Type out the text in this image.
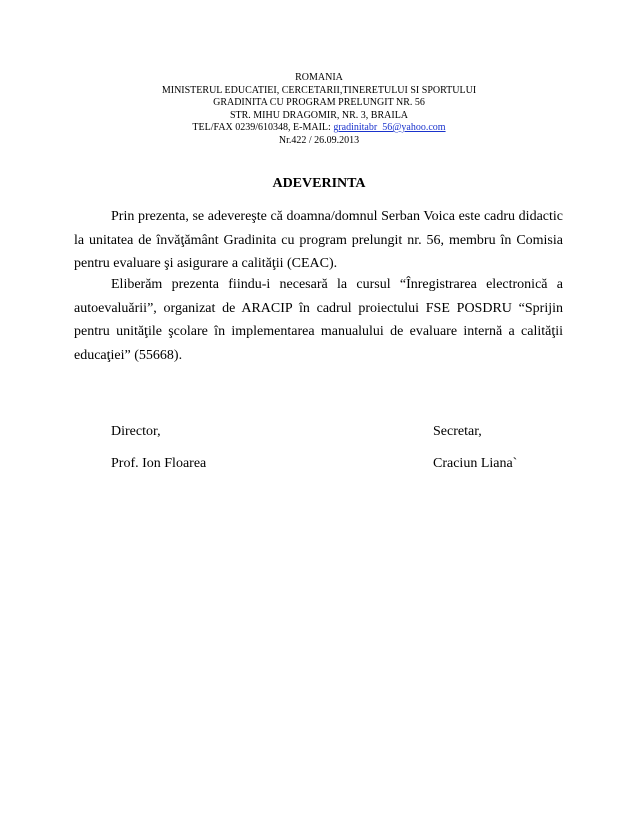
ROMANIA
MINISTERUL EDUCATIEI, CERCETARII,TINERETULUI SI SPORTULUI
GRADINITA CU PROGRAM PRELUNGIT NR. 56
STR. MIHU DRAGOMIR, NR. 3, BRAILA
TEL/FAX 0239/610348, E-MAIL: gradinitabr_56@yahoo.com
Nr.422 / 26.09.2013
ADEVERINTA
Prin prezenta, se adevereşte că doamna/domnul Serban Voica este cadru didactic la unitatea de învăţământ Gradinita cu program prelungit nr. 56, membru în Comisia pentru evaluare şi asigurare a calităţii (CEAC).
Eliberăm prezenta fiindu-i necesară la cursul “Înregistrarea electronică a autoevaluării”, organizat de ARACIP în cadrul proiectului FSE POSDRU “Sprijin pentru unităţile şcolare în implementarea manualului de evaluare internă a calităţii educaţiei” (55668).
Director,
Prof. Ion Floarea
Secretar,
Craciun Liana`
